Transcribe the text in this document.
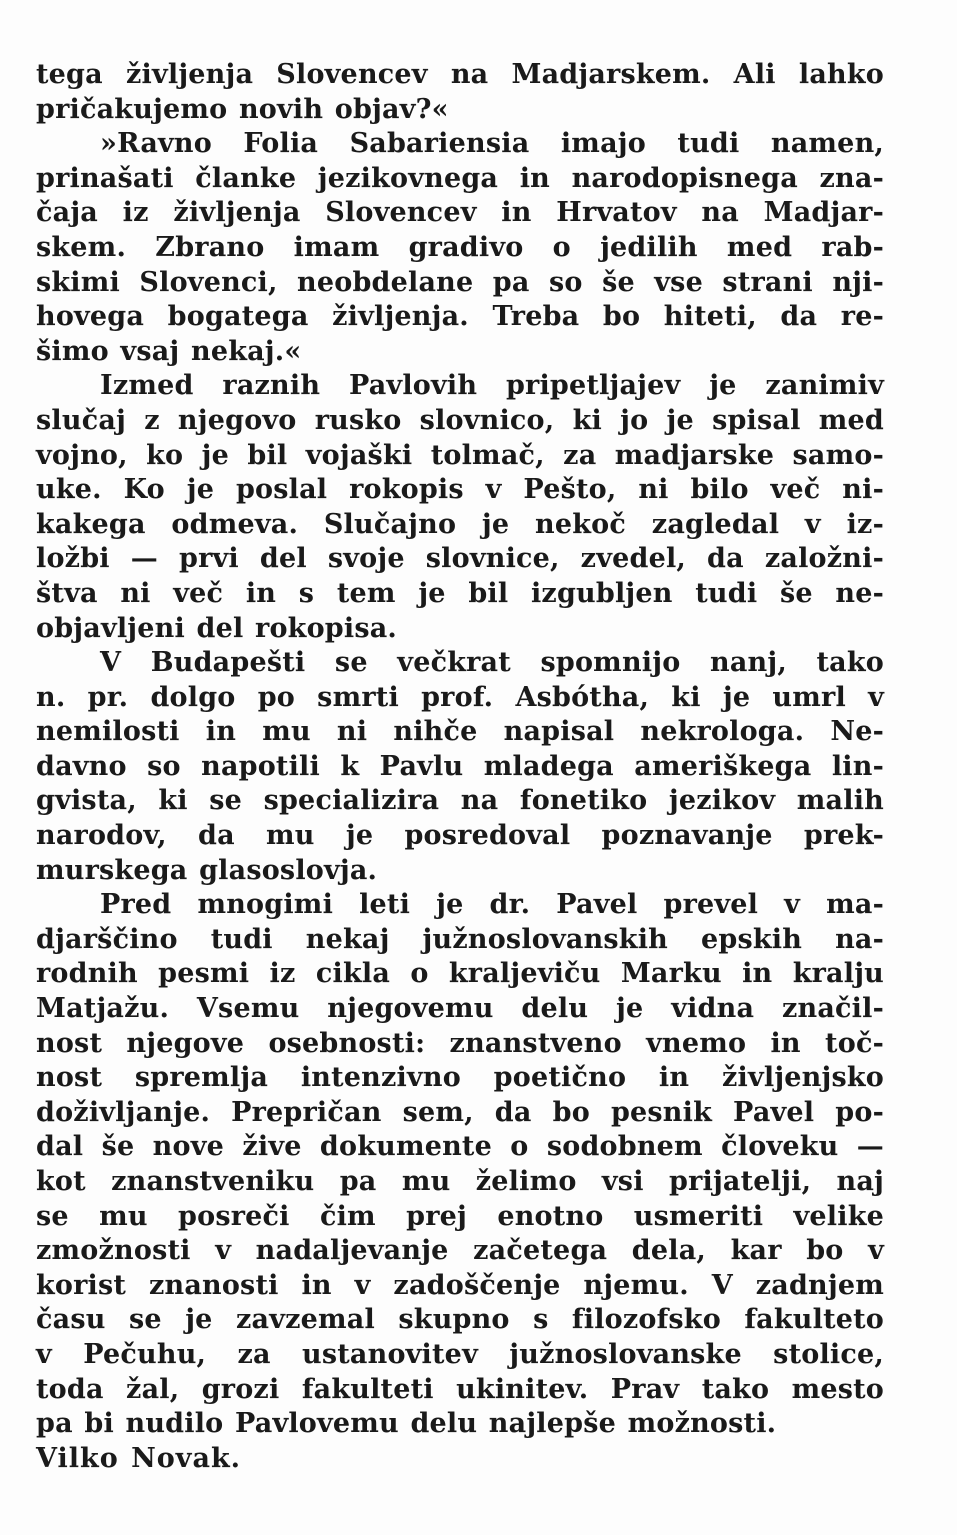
tega življenja Slovencev na Madjarskem. Ali lahko
pričakujemo novih objav?«
»Ravno Folia Sabariensia imajo tudi namen,
prinašati članke jezikovnega in narodopisnega zna-
čaja iz življenja Slovencev in Hrvatov na Madjar-
skem. Zbrano imam gradivo o jedilih med rab-
skimi Slovenci, neobdelane pa so še vse strani nji-
hovega bogatega življenja. Treba bo hiteti, da re-
šimo vsaj nekaj.«
Izmed raznih Pavlovih pripetljajev je zanimiv
slučaj z njegovo rusko slovnico, ki jo je spisal med
vojno, ko je bil vojaški tolmač, za madjarske samo-
uke. Ko je poslal rokopis v Pešto, ni bilo več ni-
kakega odmeva. Slučajno je nekoč zagledal v iz-
ložbi — prvi del svoje slovnice, zvedel, da založni-
štva ni več in s tem je bil izgubljen tudi še ne-
objavljeni del rokopisa.
V Budapešti se večkrat spomnijo nanj, tako
n. pr. dolgo po smrti prof. Asbótha, ki je umrl v
nemilosti in mu ni nihče napisal nekrologa. Ne-
davno so napotili k Pavlu mladega ameriškega lin-
gvista, ki se specializira na fonetiko jezikov malih
narodov, da mu je posredoval poznavanje prek-
murskega glasoslovja.
Pred mnogimi leti je dr. Pavel prevel v ma-
djarščino tudi nekaj južnoslovanskih epskih na-
rodnih pesmi iz cikla o kraljeviču Marku in kralju
Matjažu. Vsemu njegovemu delu je vidna značil-
nost njegove osebnosti: znanstveno vnemo in toč-
nost spremlja intenzivno poetično in življenjsko
doživljanje. Prepričan sem, da bo pesnik Pavel po-
dal še nove žive dokumente o sodobnem človeku —
kot znanstveniku pa mu želimo vsi prijatelji, naj
se mu posreči čim prej enotno usmeriti velike
zmožnosti v nadaljevanje začetega dela, kar bo v
korist znanosti in v zadoščenje njemu. V zadnjem
času se je zavzemal skupno s filozofsko fakulteto
v Pečuhu, za ustanovitev južnoslovanske stolice,
toda žal, grozi fakulteti ukinitev. Prav tako mesto
pa bi nudilo Pavlovemu delu najlepše možnosti.
Vilko Novak.
